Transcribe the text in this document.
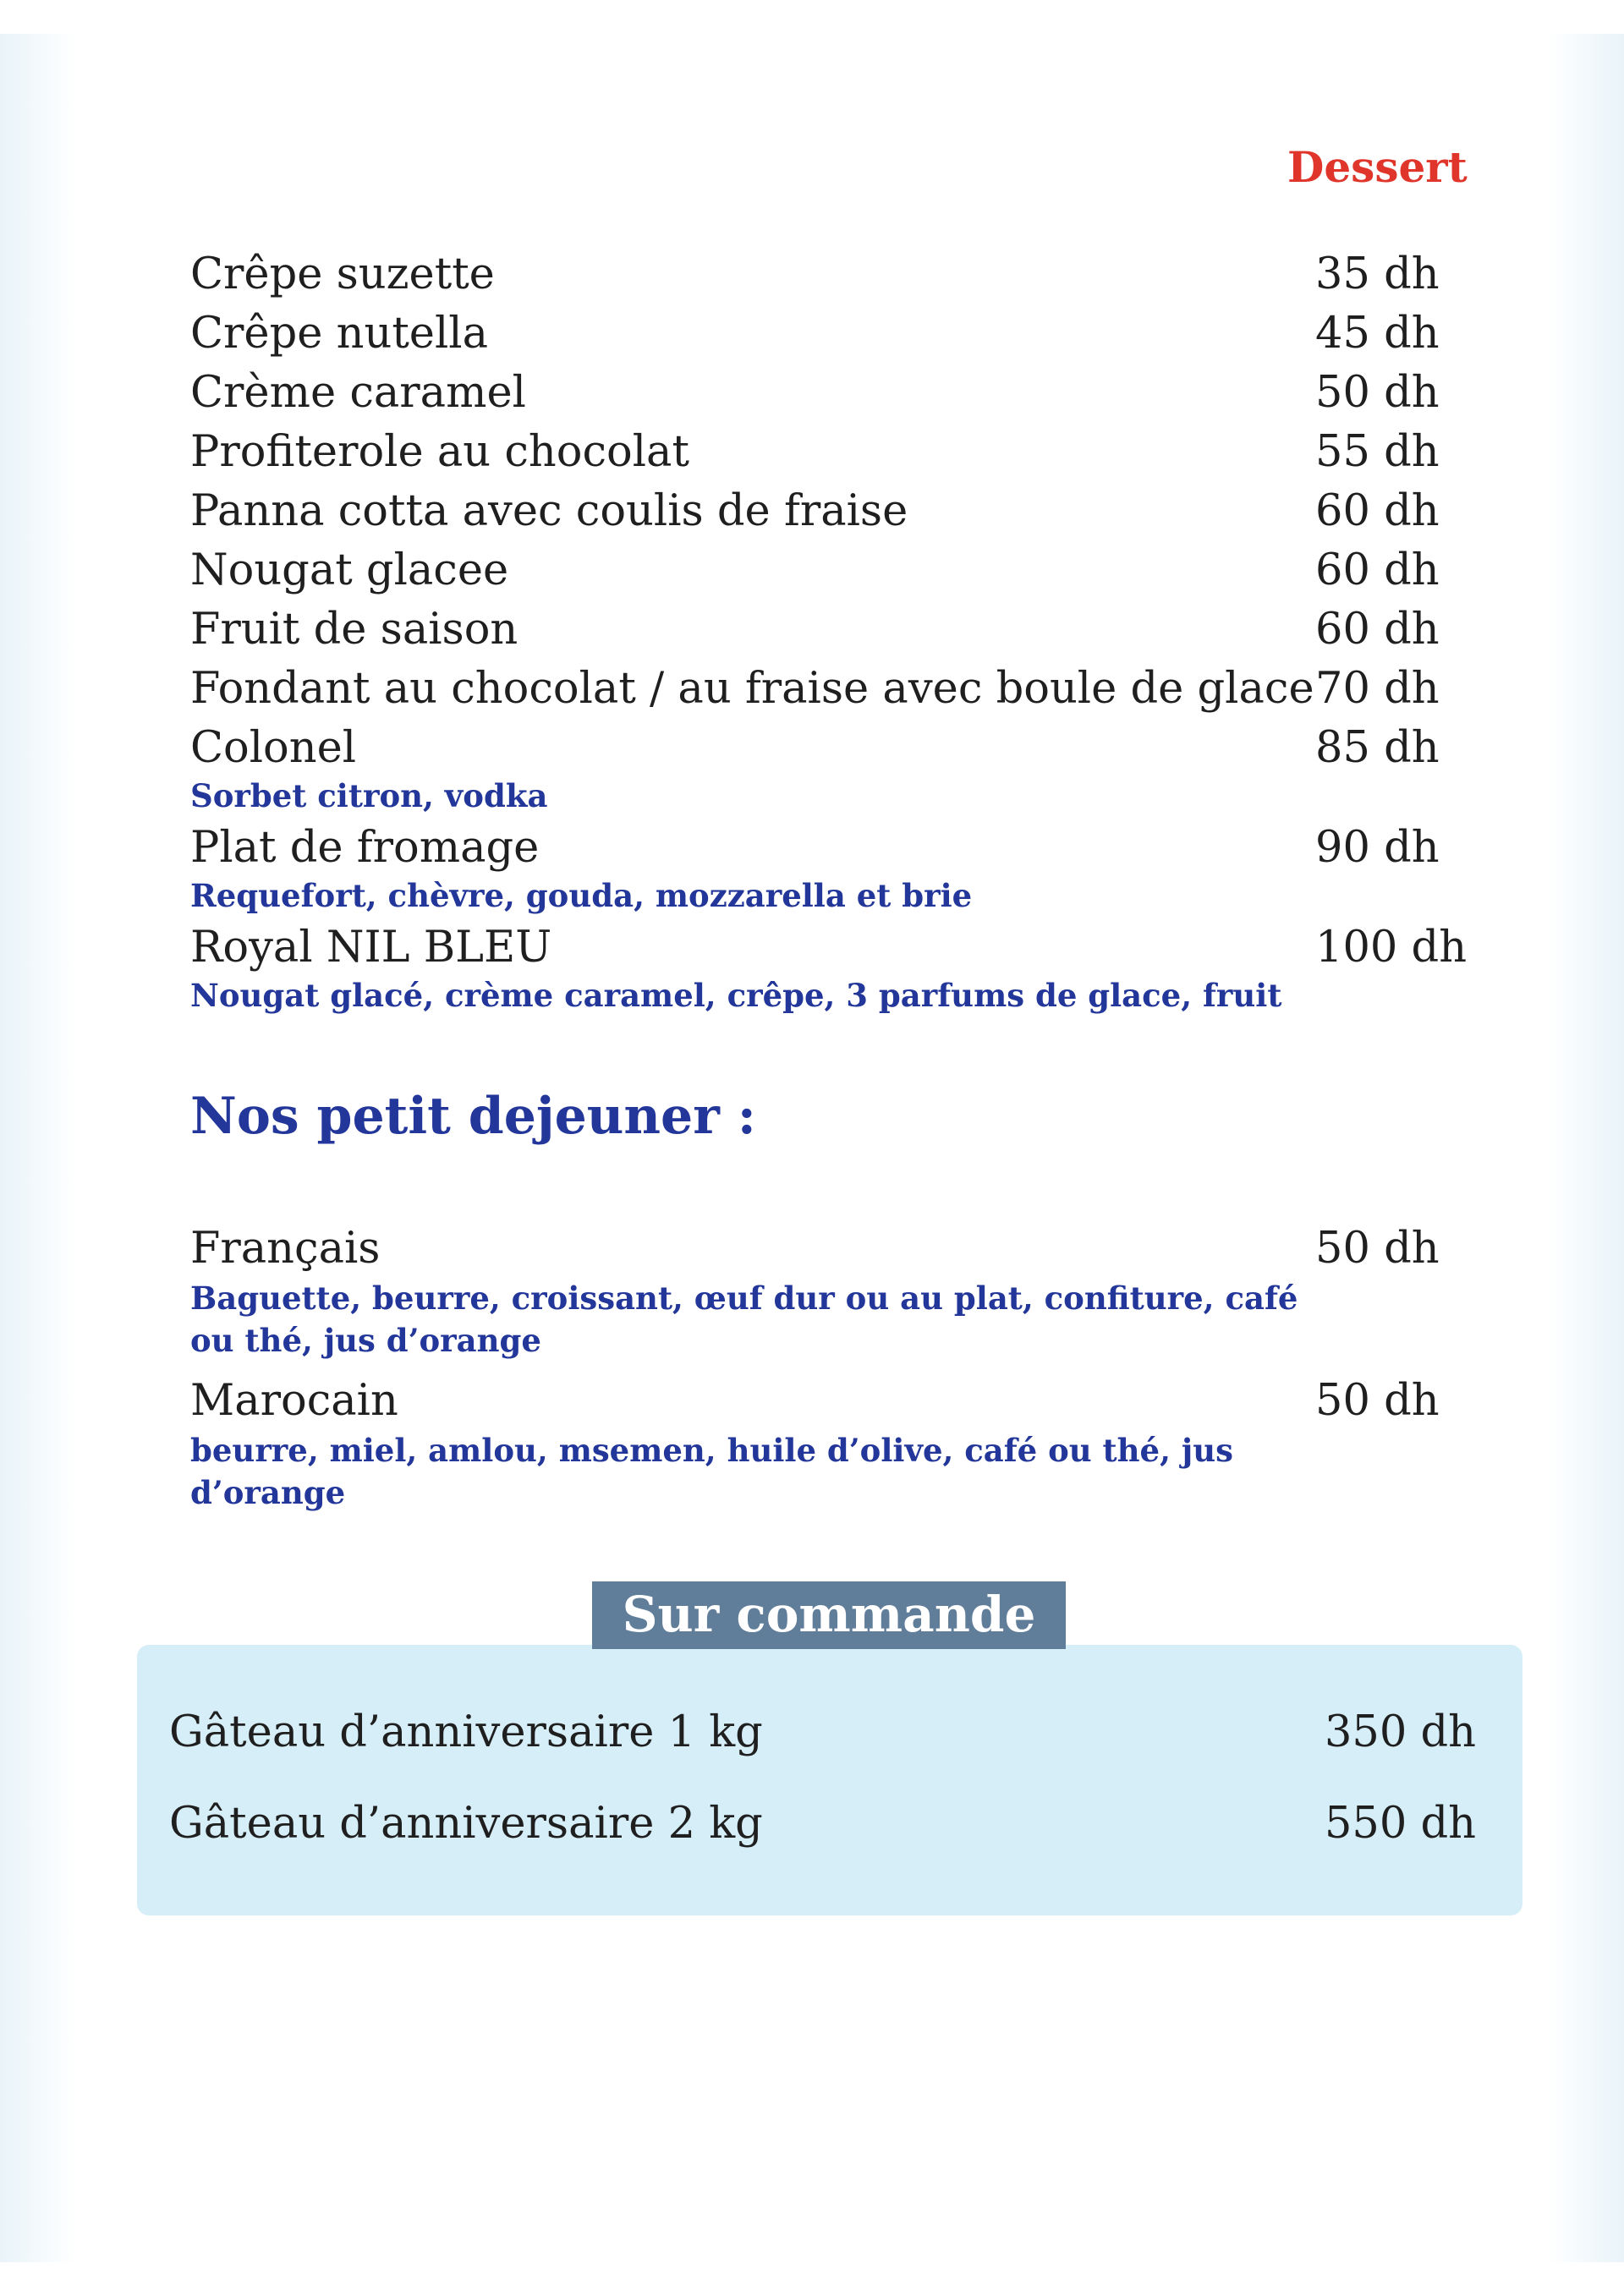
Dessert
Crêpe suzette	35 dh
Crêpe nutella	45 dh
Crème caramel	50 dh
Profiterole au chocolat	55 dh
Panna cotta avec coulis de fraise	60 dh
Nougat glacee	60 dh
Fruit de saison	60 dh
Fondant au chocolat / au fraise avec boule de glace 70 dh
Colonel	85 dh
Sorbet citron, vodka
Plat de fromage	90 dh
Requefort, chèvre, gouda, mozzarella et brie
Royal NIL BLEU	100 dh
Nougat glacé, crème caramel, crêpe, 3 parfums de glace, fruit
Nos petit dejeuner :
Français	50 dh
Baguette, beurre, croissant, œuf dur ou au plat, confiture, café ou thé, jus d’orange
Marocain	50 dh
beurre, miel, amlou, msemen, huile d’olive, café ou thé, jus d’orange
Sur commande
Gâteau d’anniversaire 1 kg	350 dh
Gâteau d’anniversaire 2 kg	550 dh
